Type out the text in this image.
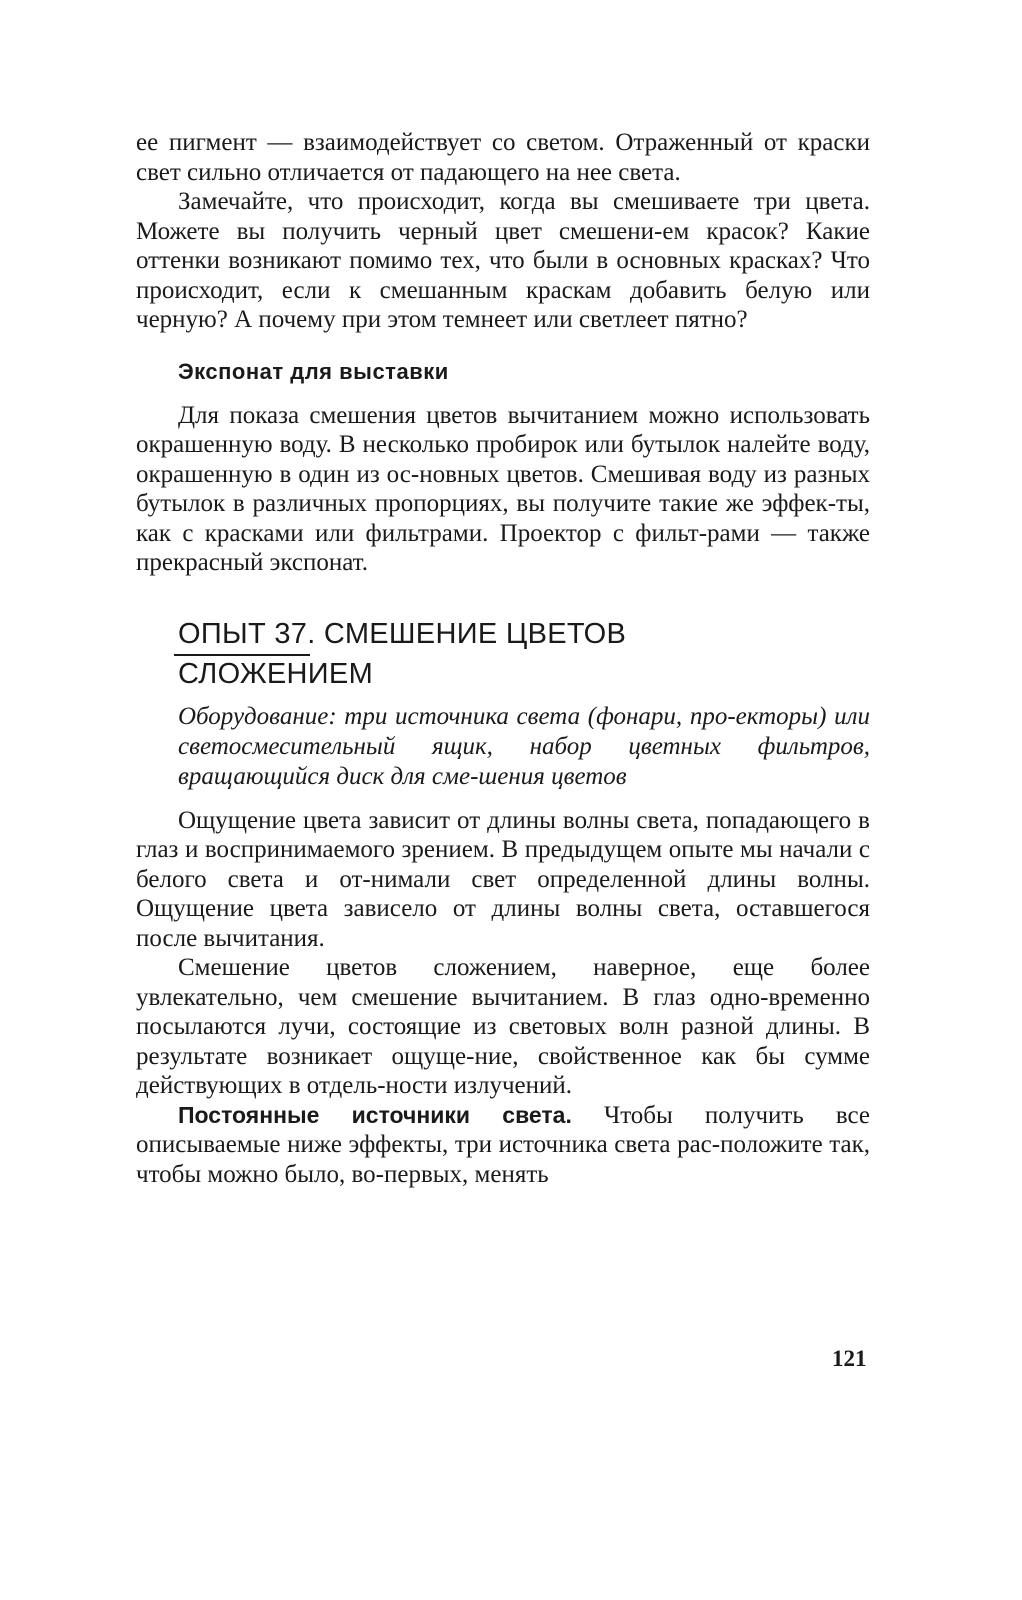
ее пигмент — взаимодействует со светом. Отраженный от краски свет сильно отличается от падающего на нее света.

Замечайте, что происходит, когда вы смешиваете три цвета. Можете вы получить черный цвет смешени-ем красок? Какие оттенки возникают помимо тех, что были в основных красках? Что происходит, если к смешанным краскам добавить белую или черную? А почему при этом темнеет или светлеет пятно?

Экспонат для выставки

Для показа смешения цветов вычитанием можно использовать окрашенную воду. В несколько пробирок или бутылок налейте воду, окрашенную в один из ос-новных цветов. Смешивая воду из разных бутылок в различных пропорциях, вы получите такие же эффек-ты, как с красками или фильтрами. Проектор с фильт-рами — также прекрасный экспонат.

ОПЫТ 37. СМЕШЕНИЕ ЦВЕТОВ
СЛОЖЕНИЕМ
Оборудование: три источника света (фонари, про-екторы) или светосмесительный ящик, набор цветных фильтров, вращающийся диск для сме-шения цветов

Ощущение цвета зависит от длины волны света, попадающего в глаз и воспринимаемого зрением. В предыдущем опыте мы начали с белого света и от-нимали свет определенной длины волны. Ощущение цвета зависело от длины волны света, оставшегося после вычитания.

Смешение цветов сложением, наверное, еще более увлекательно, чем смешение вычитанием. В глаз одно-временно посылаются лучи, состоящие из световых волн разной длины. В результате возникает ощуще-ние, свойственное как бы сумме действующих в отдель-ности излучений.

Постоянные источники света. Чтобы получить все описываемые ниже эффекты, три источника света рас-положите так, чтобы можно было, во-первых, менять

121
